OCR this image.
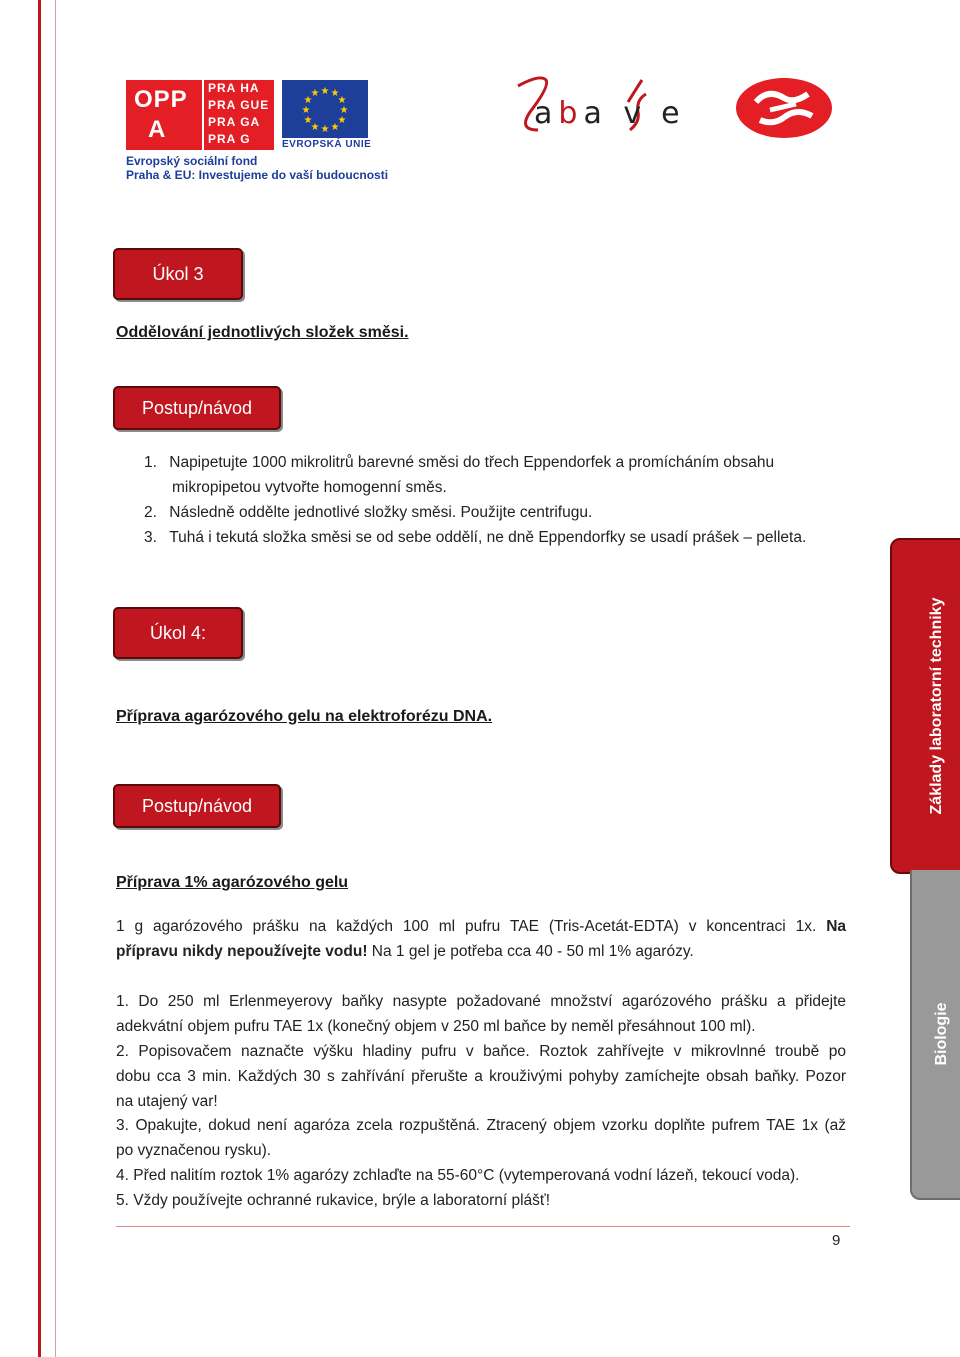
OPP
A
PRA HA
PRA GUE
PRA GA
PRA G
★ ★
★
★
★
★
★
★
★
★
★
★
EVROPSKÁ UNIE
Evropský sociální fond
Praha & EU: Investujeme do vaší budoucnosti
aba v e
Úkol 3
Oddělování jednotlivých složek směsi.
Postup/návod
1. Napipetujte 1000 mikrolitrů barevné směsi do třech Eppendorfek a promícháním obsahu
mikropipetou vytvořte homogenní směs.
2. Následně oddělte jednotlivé složky směsi. Použijte centrifugu.
3. Tuhá i tekutá složka směsi se od sebe oddělí, ne dně Eppendorfky se usadí prášek – pelleta.
Úkol 4:
Příprava agarózového gelu na elektroforézu DNA.
Postup/návod
Příprava 1% agarózového gelu
1 g agarózového prášku na každých 100 ml pufru TAE (Tris-Acetát-EDTA) v koncentraci 1x. Na
přípravu nikdy nepoužívejte vodu! Na 1 gel je potřeba cca 40 - 50 ml 1% agarózy.
1. Do 250 ml Erlenmeyerovy baňky nasypte požadované množství agarózového prášku a přidejte
adekvátní objem pufru TAE 1x (konečný objem v 250 ml baňce by neměl přesáhnout 100 ml).
2. Popisovačem naznačte výšku hladiny pufru v baňce. Roztok zahřívejte v mikrovlnné troubě po
dobu cca 3 min. Každých 30 s zahřívání přerušte a krouživými pohyby zamíchejte obsah baňky. Pozor
na utajený var!
3. Opakujte, dokud není agaróza zcela rozpuštěná. Ztracený objem vzorku doplňte pufrem TAE 1x (až
po vyznačenou rysku).
4. Před nalitím roztok 1% agarózy zchlaďte na 55-60°C (vytemperovaná vodní lázeň, tekoucí voda).
5. Vždy používejte ochranné rukavice, brýle a laboratorní plášť!
Základy laboratorní techniky
Biologie
9
